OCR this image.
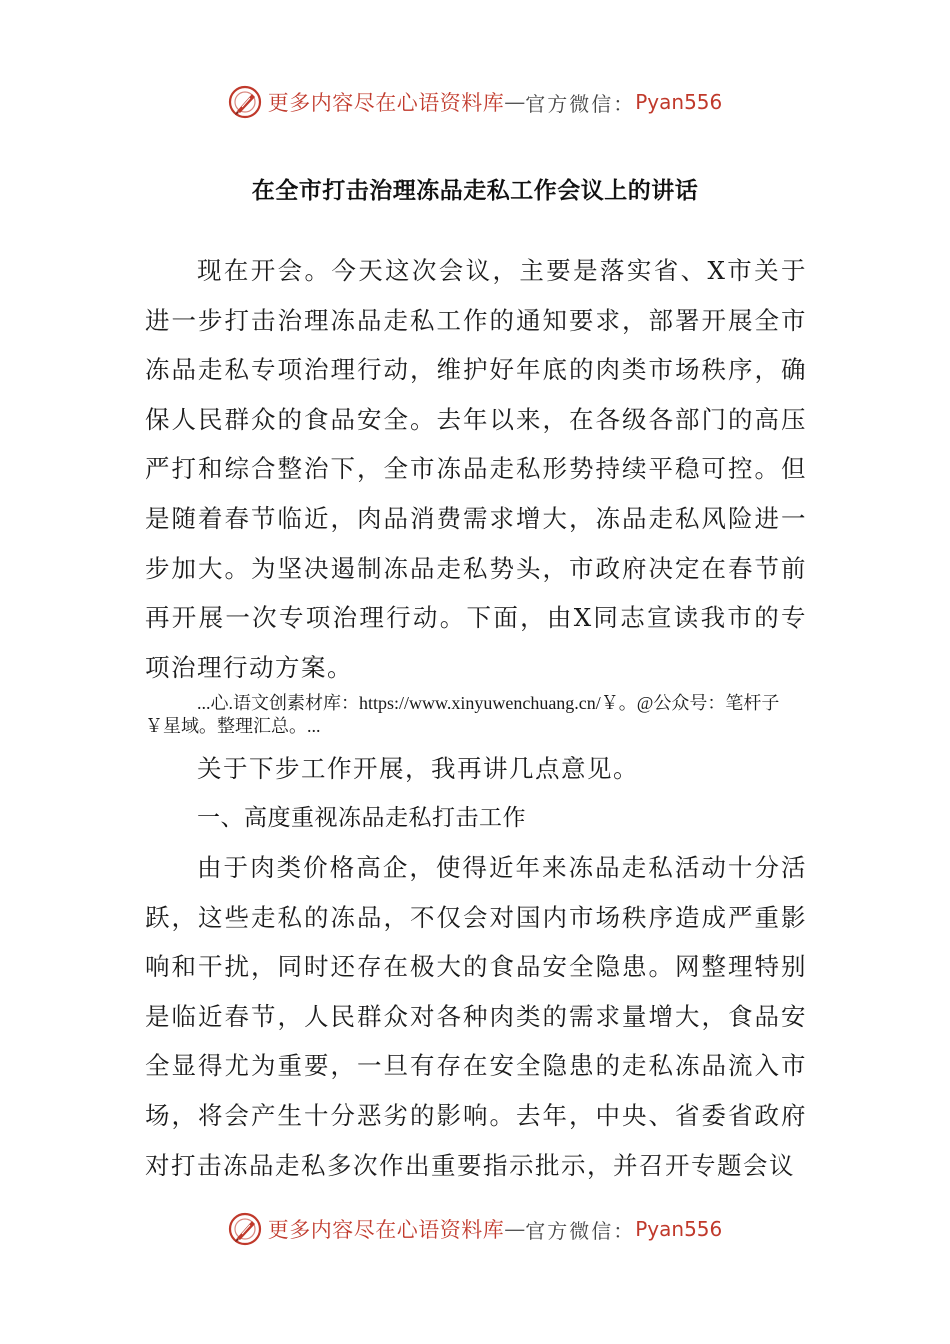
更多内容尽在心语资料库 — 官方微信： Pyan556
在全市打击治理冻品走私工作会议上的讲话
现在开会。今天这次会议，主要是落实省、X市关于进一步打击治理冻品走私工作的通知要求，部署开展全市冻品走私专项治理行动，维护好年底的肉类市场秩序，确保人民群众的食品安全。去年以来，在各级各部门的高压严打和综合整治下，全市冻品走私形势持续平稳可控。但是随着春节临近，肉品消费需求增大，冻品走私风险进一步加大。为坚决遏制冻品走私势头，市政府决定在春节前再开展一次专项治理行动。下面，由X同志宣读我市的专项治理行动方案。
...心.语文创素材库：https://www.xinyuwenchuang.cn/￥。@公众号：笔杆子￥星域。整理汇总。...
关于下步工作开展，我再讲几点意见。
一、高度重视冻品走私打击工作
由于肉类价格高企，使得近年来冻品走私活动十分活跃，这些走私的冻品，不仅会对国内市场秩序造成严重影响和干扰，同时还存在极大的食品安全隐患。网整理特别是临近春节，人民群众对各种肉类的需求量增大，食品安全显得尤为重要，一旦有存在安全隐患的走私冻品流入市场，将会产生十分恶劣的影响。去年，中央、省委省政府对打击冻品走私多次作出重要指示批示，并召开专题会议
更多内容尽在心语资料库 — 官方微信： Pyan556
